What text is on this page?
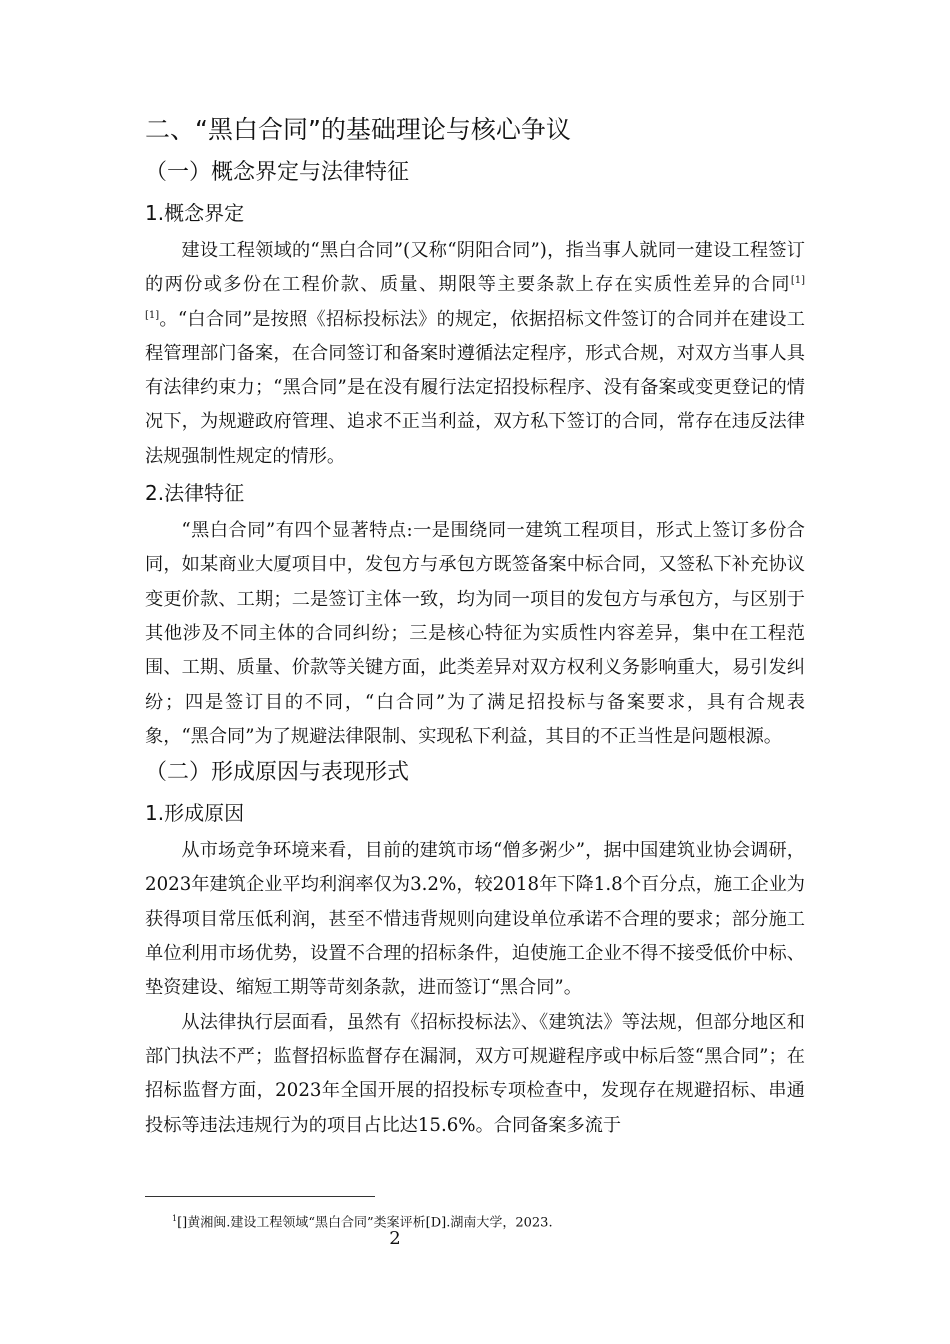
二、“黑白合同”的基础理论与核心争议
（一）概念界定与法律特征
1.概念界定

建设工程领域的“黑白合同”(又称“阴阳合同”)，指当事人就同一建设工程签订的两份或多份在工程价款、质量、期限等主要条款上存在实质性差异的合同[1] [1]。“白合同”是按照《招标投标法》的规定，依据招标文件签订的合同并在建设工程管理部门备案，在合同签订和备案时遵循法定程序，形式合规，对双方当事人具有法律约束力；“黑合同”是在没有履行法定招投标程序、没有备案或变更登记的情况下，为规避政府管理、追求不正当利益，双方私下签订的合同，常存在违反法律法规强制性规定的情形。

2.法律特征

“黑白合同”有四个显著特点:一是围绕同一建筑工程项目，形式上签订多份合同，如某商业大厦项目中，发包方与承包方既签备案中标合同，又签私下补充协议变更价款、工期；二是签订主体一致，均为同一项目的发包方与承包方，与区别于其他涉及不同主体的合同纠纷；三是核心特征为实质性内容差异，集中在工程范围、工期、质量、价款等关键方面，此类差异对双方权利义务影响重大，易引发纠纷；四是签订目的不同，“白合同”为了满足招投标与备案要求，具有合规表象，“黑合同”为了规避法律限制、实现私下利益，其目的不正当性是问题根源。

（二）形成原因与表现形式
1.形成原因

从市场竞争环境来看，目前的建筑市场“僧多粥少”，据中国建筑业协会调研，2023年建筑企业平均利润率仅为3.2%，较2018年下降1.8个百分点，施工企业为获得项目常压低利润，甚至不惜违背规则向建设单位承诺不合理的要求；部分施工单位利用市场优势，设置不合理的招标条件，迫使施工企业不得不接受低价中标、垫资建设、缩短工期等苛刻条款，进而签订“黑合同”。

从法律执行层面看，虽然有《招标投标法》、《建筑法》等法规，但部分地区和部门执法不严；监督招标监督存在漏洞，双方可规避程序或中标后签“黑合同”；在招标监督方面，2023年全国开展的招投标专项检查中，发现存在规避招标、串通投标等违法违规行为的项目占比达15.6%。合同备案多流于

$^1$[]黄湘闽.建设工程领域“黑白合同”类案评析[D].湖南大学，2023.
2
